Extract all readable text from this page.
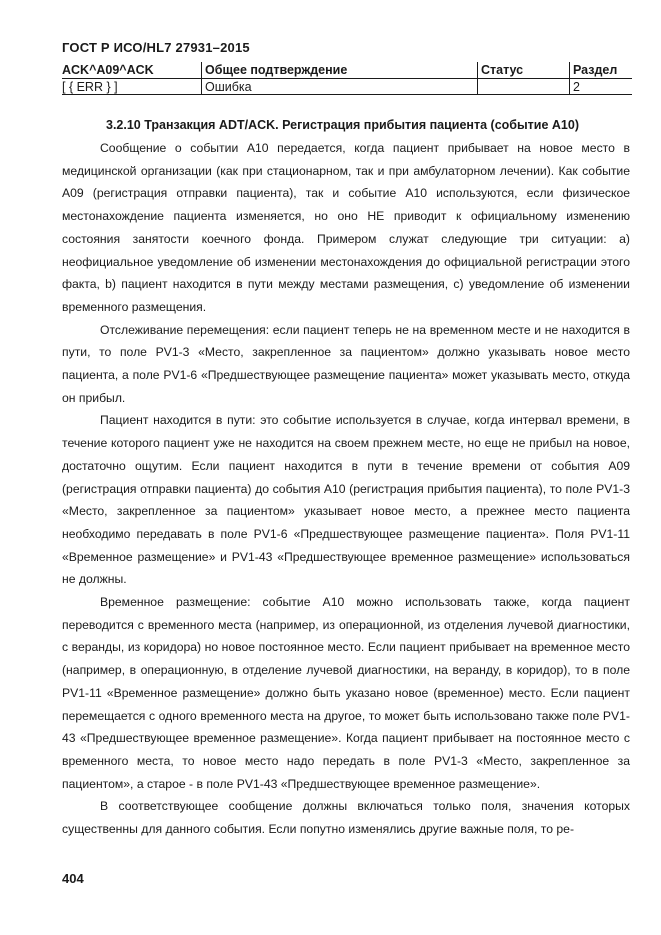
ГОСТ Р ИСО/HL7 27931–2015
ACK^A09^ACK	Общее подтверждение	Статус	Раздел
[ { ERR } ]	Ошибка		2
3.2.10 Транзакция ADT/ACK. Регистрация прибытия пациента (событие A10)

Сообщение о событии A10 передается, когда пациент прибывает на новое место в медицинской организации (как при стационарном, так и при амбулаторном лечении). Как событие A09 (регистрация отправки пациента), так и событие A10 используются, если физическое местонахождение пациента изменяется, но оно НЕ приводит к официальному изменению состояния занятости коечного фонда. Примером служат следующие три ситуации: а) неофициальное уведомление об изменении местонахождения до официальной регистрации этого факта, b) пациент находится в пути между местами размещения, с) уведомление об изменении временного размещения.

Отслеживание перемещения: если пациент теперь не на временном месте и не находится в пути, то поле PV1-3 «Место, закрепленное за пациентом» должно указывать новое место пациента, а поле PV1-6 «Предшествующее размещение пациента» может указывать место, откуда он прибыл.

Пациент находится в пути: это событие используется в случае, когда интервал времени, в течение которого пациент уже не находится на своем прежнем месте, но еще не прибыл на новое, достаточно ощутим. Если пациент находится в пути в течение времени от события A09 (регистрация отправки пациента) до события A10 (регистрация прибытия пациента), то поле PV1-3 «Место, закрепленное за пациентом» указывает новое место, а прежнее место пациента необходимо передавать в поле PV1-6 «Предшествующее размещение пациента». Поля PV1-11 «Временное размещение» и PV1-43 «Предшествующее временное размещение» использоваться не должны.

Временное размещение: событие A10 можно использовать также, когда пациент переводится с временного места (например, из операционной, из отделения лучевой диагностики, с веранды, из коридора) но новое постоянное место. Если пациент прибывает на временное место (например, в операционную, в отделение лучевой диагностики, на веранду, в коридор), то в поле PV1-11 «Временное размещение» должно быть указано новое (временное) место. Если пациент перемещается с одного временного места на другое, то может быть использовано также поле PV1-43 «Предшествующее временное размещение». Когда пациент прибывает на постоянное место с временного места, то новое место надо передать в поле PV1-3 «Место, закрепленное за пациентом», а старое - в поле PV1-43 «Предшествующее временное размещение».

В соответствующее сообщение должны включаться только поля, значения которых существенны для данного события. Если попутно изменялись другие важные поля, то ре-

404
